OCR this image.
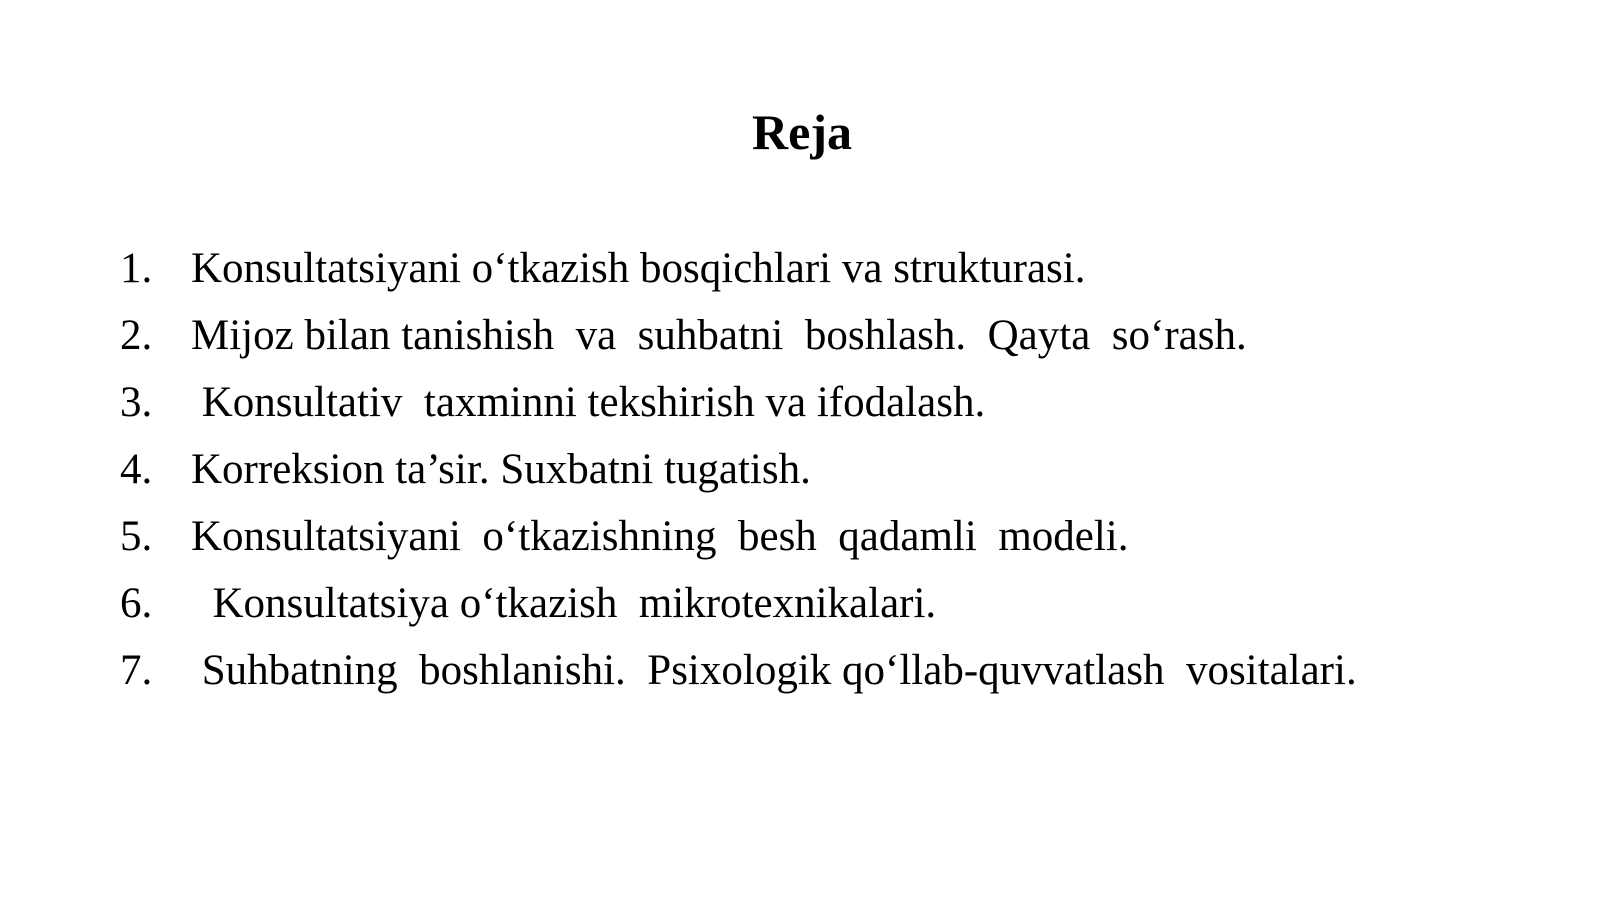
Reja

1.

Konsultatsiyani o‘tkazish bosqichlari va strukturasi.

2.

Mijoz bilan tanishish  va  suhbatni  boshlash.  Qayta  so‘rash.

3.

Konsultativ  taxminni tekshirish va ifodalash.

4.

Korreksion ta’sir. Suxbatni tugatish.

5.

Konsultatsiyani  o‘tkazishning  besh  qadamli  modeli.

6.

Konsultatsiya o‘tkazish  mikrotexnikalari.

7.

Suhbatning  boshlanishi.  Psixologik qo‘llab-quvvatlash  vositalari.
